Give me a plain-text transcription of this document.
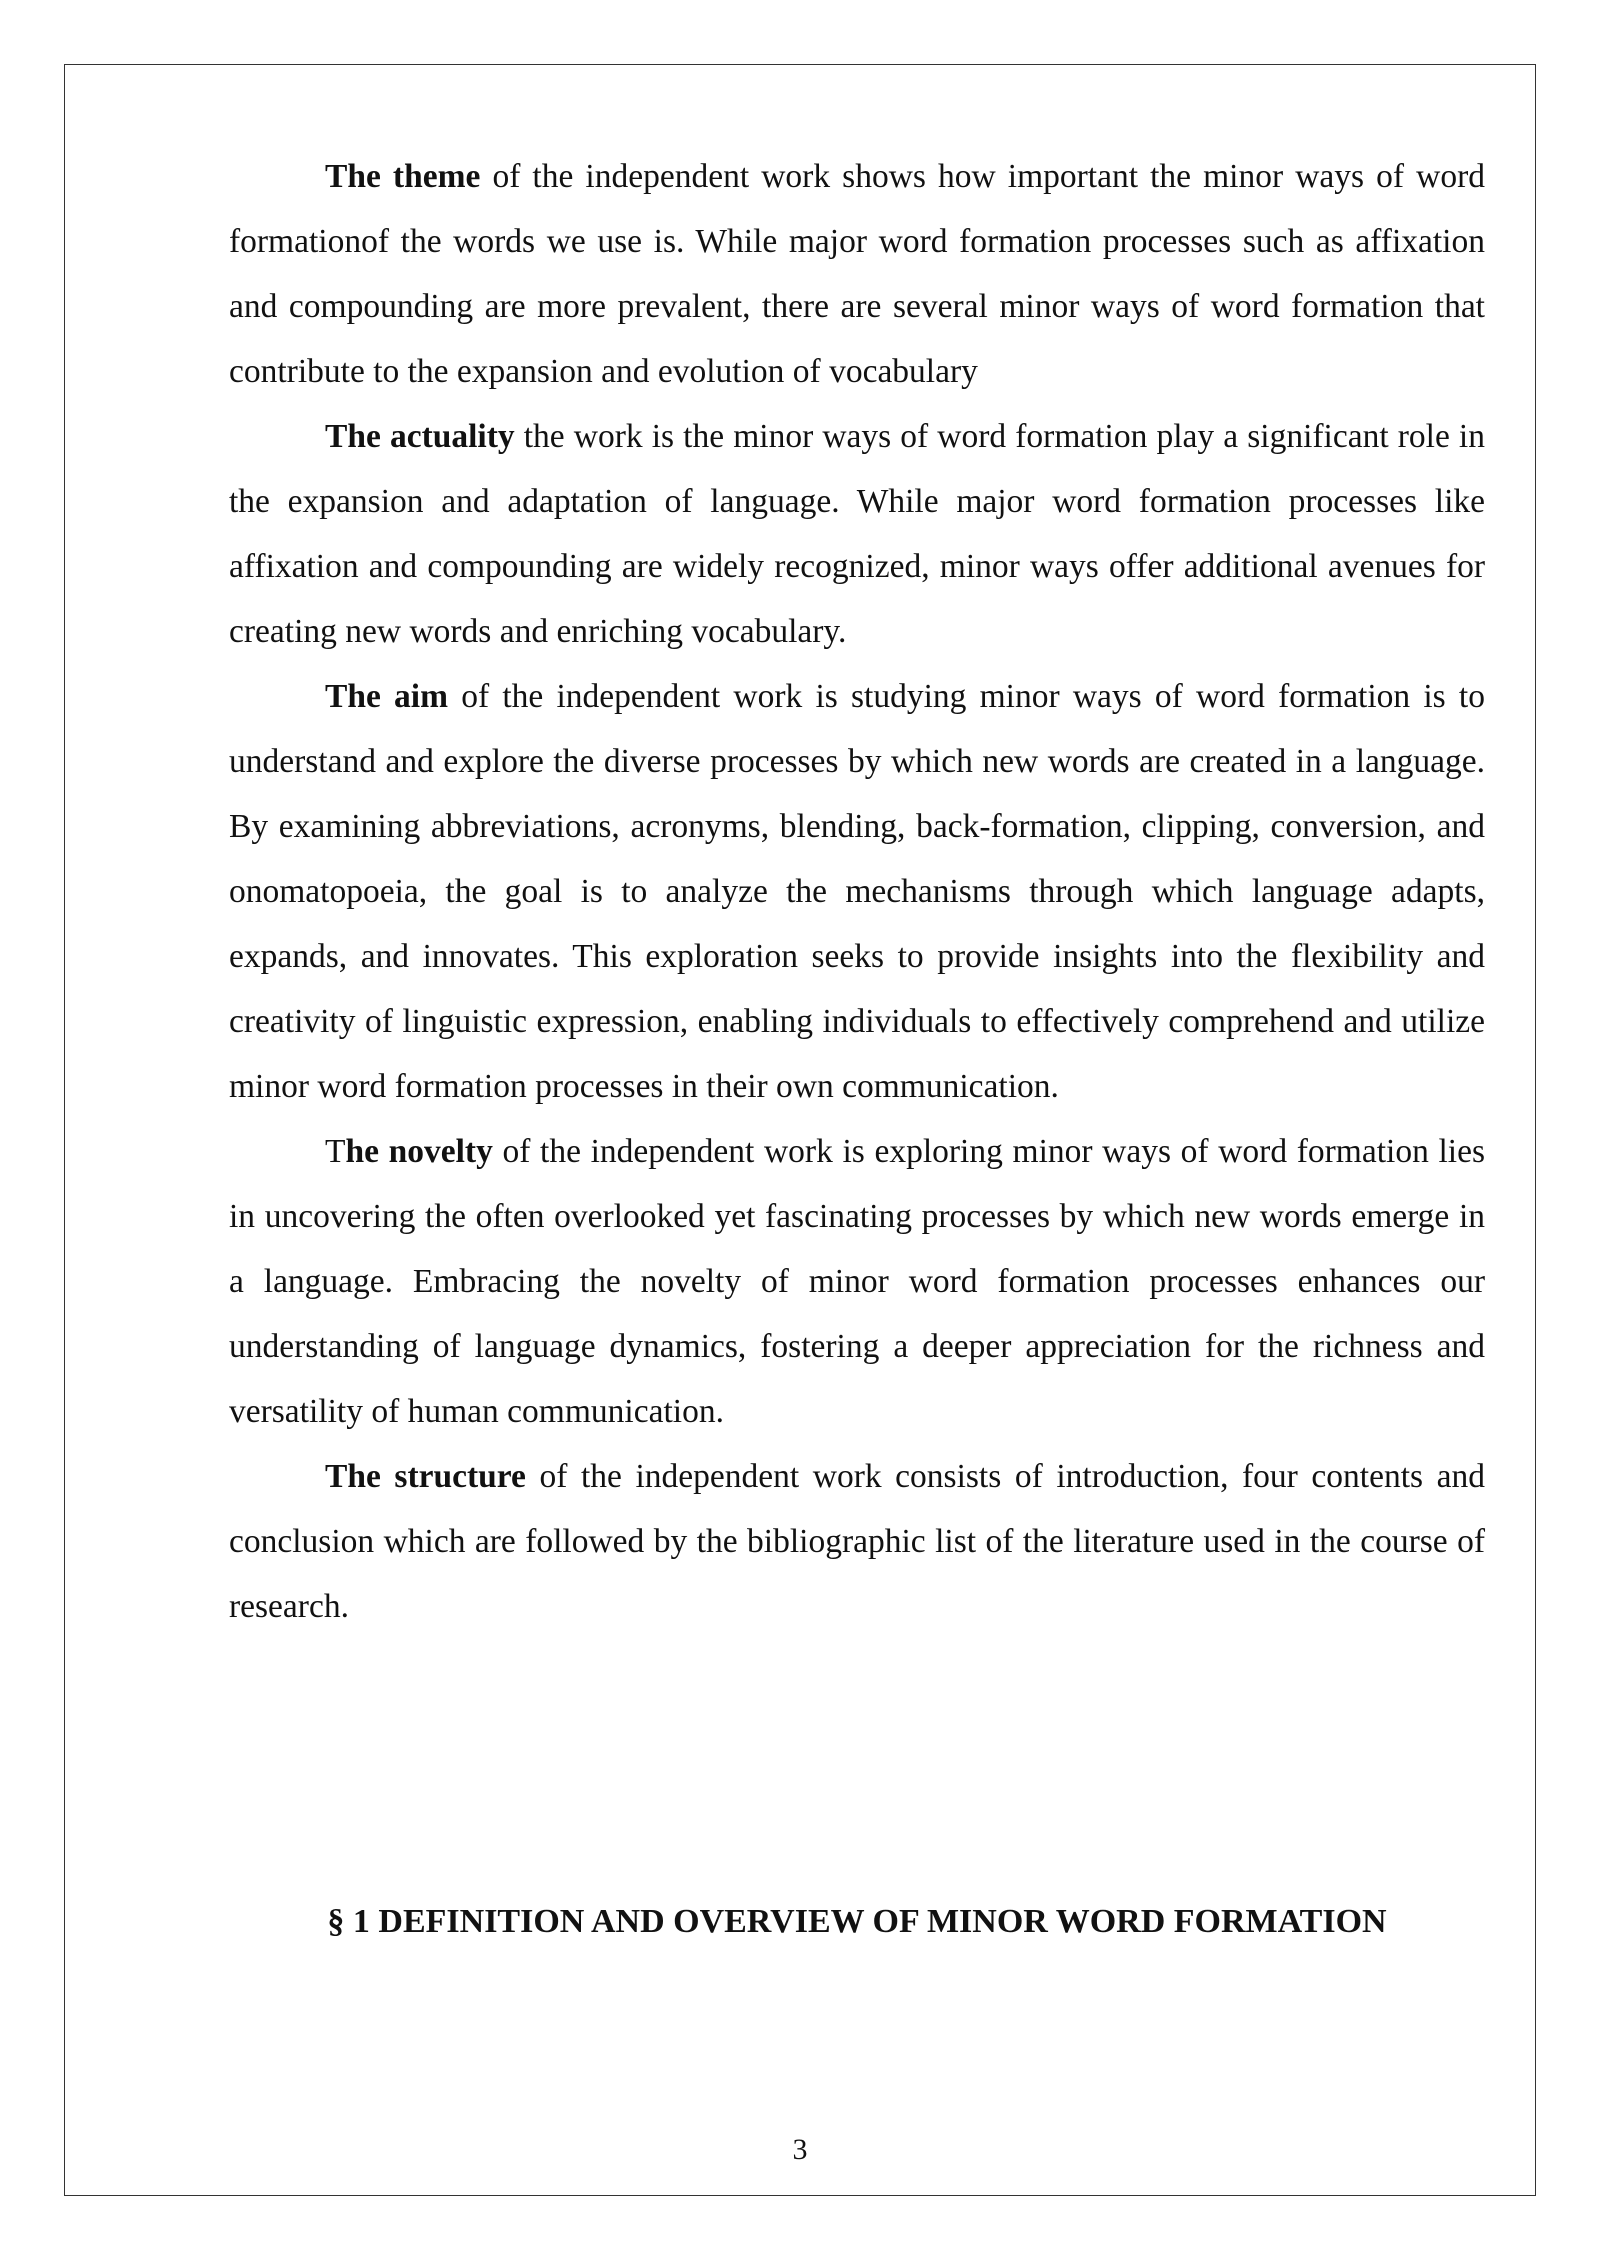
The theme of the independent work shows how important the minor ways of word formationof the words we use is. While major word formation processes such as affixation and compounding are more prevalent, there are several minor ways of word formation that contribute to the expansion and evolution of vocabulary

The actuality the work is the minor ways of word formation play a significant role in the expansion and adaptation of language. While major word formation processes like affixation and compounding are widely recognized, minor ways offer additional avenues for creating new words and enriching vocabulary.

The aim of the independent work is studying minor ways of word formation is to understand and explore the diverse processes by which new words are created in a language. By examining abbreviations, acronyms, blending, back-formation, clipping, conversion, and onomatopoeia, the goal is to analyze the mechanisms through which language adapts, expands, and innovates. This exploration seeks to provide insights into the flexibility and creativity of linguistic expression, enabling individuals to effectively comprehend and utilize minor word formation processes in their own communication.

The novelty of the independent work is exploring minor ways of word formation lies in uncovering the often overlooked yet fascinating processes by which new words emerge in a language. Embracing the novelty of minor word formation processes enhances our understanding of language dynamics, fostering a deeper appreciation for the richness and versatility of human communication.

The structure of the independent work consists of introduction, four contents and conclusion which are followed by the bibliographic list of the literature used in the course of research.

§ 1 DEFINITION AND OVERVIEW OF MINOR WORD FORMATION

3
